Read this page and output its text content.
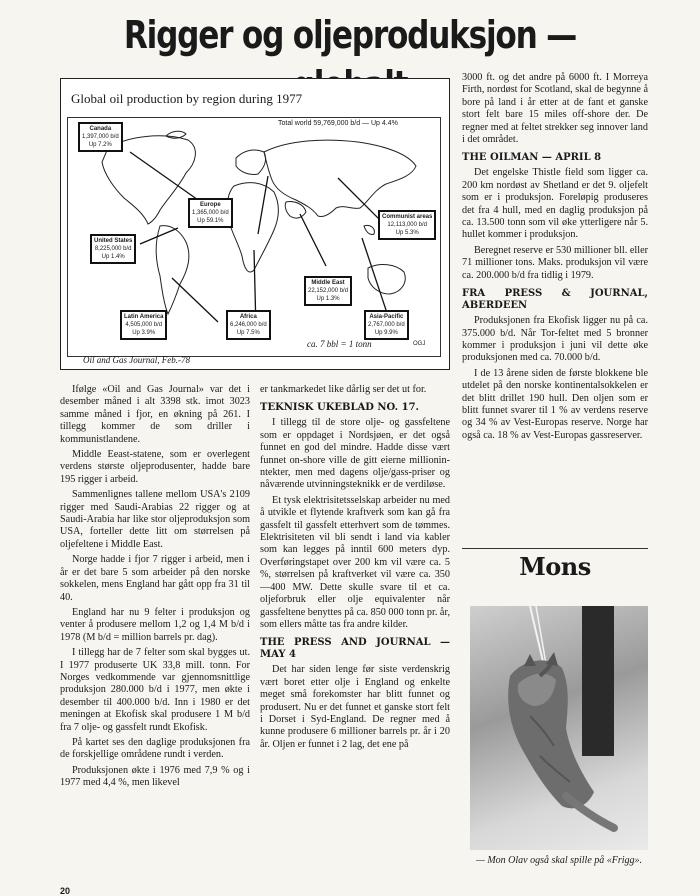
Rigger og oljeproduksjon —
Global oil production by region during 1977
Total world 59,769,000 b/d — Up 4.4%
Canada
1,397,000 b/d
Up 7.2%
Europe
1,365,000 b/d
Up 59.1%
Communist areas
12,113,000 b/d
Up 5.3%
United States
8,225,000 b/d
Up 1.4%
Middle East
22,152,000 b/d
Up 1.3%
Latin America
4,505,000 b/d
Up 3.9%
Africa
6,246,000 b/d
Up 7.5%
Asia-Pacific
2,767,000 b/d
Up 9.9%
ca. 7 bbl = 1 tonn
Oil and Gas Journal, Feb.-78
OGJ

Ifølge «Oil and Gas Journal» var det i desember måned i alt 3398 stk. imot 3023 samme måned i fjor, en økning på 261. I tillegg kommer de som driller i kommunistlandene.

Middle Eeast-statene, som er overlegent verdens største oljeprodusenter, hadde bare 195 rigger i arbeid.

Sammenlignes tallene mellom USA's 2109 rigger med Saudi-Arabias 22 rigger og at Saudi-Arabia har like stor oljeproduksjon som USA, forteller dette litt om størrelsen på oljefeltene i Middle East.

Norge hadde i fjor 7 rigger i arbeid, men i år er det bare 5 som arbeider på den norske sokkelen, mens England har gått opp fra 31 til 40.

England har nu 9 felter i produksjon og venter å produsere mellom 1,2 og 1,4 M b/d i 1978 (M b/d = million barrels pr. dag).

I tillegg har de 7 felter som skal bygges ut. I 1977 produserte UK 33,8 mill. tonn. For Norges vedkommende var gjennomsnittlige produksjon 280.000 b/d i 1977, men økte i desember til 400.000 b/d. Inn i 1980 er det meningen at Ekofisk skal produsere 1 M b/d fra 7 olje- og gassfelt rundt Ekofisk.

På kartet ses den daglige produksjonen fra de forskjellige områdene rundt i verden.

Produksjonen økte i 1976 med 7,9 % og i 1977 med 4,4 %, men likevel

er tankmarkedet like dårlig ser det ut for.

TEKNISK UKEBLAD NO. 17.

I tillegg til de store olje- og gassfeltene som er oppdaget i Nordsjøen, er det også funnet en god del mindre. Hadde disse vært funnet on-shore ville de gitt eierne millionin-ntekter, men med dagens olje/gass-priser og nåværende utvinningsteknikk er de verdiløse.

Et tysk elektrisitetsselskap arbeider nu med å utvikle et flytende kraftverk som kan gå fra gassfelt til gassfelt etterhvert som de tømmes. Elektrisiteten vil bli sendt i land via kabler som kan legges på inntil 600 meters dyp. Overføringstapet over 200 km vil være ca. 5 %, størrelsen på kraftverket vil være ca. 350—400 MW. Dette skulle svare til et ca. oljeforbruk eller olje equivalenter når gassfeltene benyttes på ca. 850 000 tonn pr. år, som ellers måtte tas fra andre kilder.

THE PRESS AND JOURNAL — MAY 4

Det har siden lenge før siste verdenskrig vært boret etter olje i England og enkelte meget små forekomster har blitt funnet og produsert. Nu er det funnet et ganske stort felt i Dorset i Syd-England. De regner med å kunne produsere 6 millioner barrels pr. år i 20 år. Oljen er funnet i 2 lag, det ene på

3000 ft. og det andre på 6000 ft. I Morreya Firth, nordøst for Scotland, skal de begynne å bore på land i år etter at de fant et ganske stort felt bare 15 miles off-shore der. De regner med at feltet strekker seg innover land i det området.

THE OILMAN — APRIL 8

Det engelske Thistle field som ligger ca. 200 km nordøst av Shetland er det 9. oljefelt som er i produksjon. Foreløpig produseres det fra 4 hull, med en daglig produksjon på ca. 13.500 tonn som vil øke ytterligere når 5. hullet kommer i produksjon.

Beregnet reserve er 530 millioner bll. eller 71 millioner tons. Maks. produksjon vil være ca. 200.000 b/d fra tidlig i 1979.

FRA PRESS & JOURNAL, ABERDEEN

Produksjonen fra Ekofisk ligger nu på ca. 375.000 b/d. Når Tor-feltet med 5 bronner kommer i produksjon i juni vil dette øke produksjonen med ca. 70.000 b/d.

I de 13 årene siden de første blokkene ble utdelet på den norske kontinentalsokkelen er det blitt drillet 190 hull. Den oljen som er blitt funnet svarer til 1 % av verdens reserve og 34 % av Vest-Europas reserve. Norge har også ca. 18 % av Vest-Europas gassreserver.

Mons
— Mon Olav også skal spille på «Frigg».
20
